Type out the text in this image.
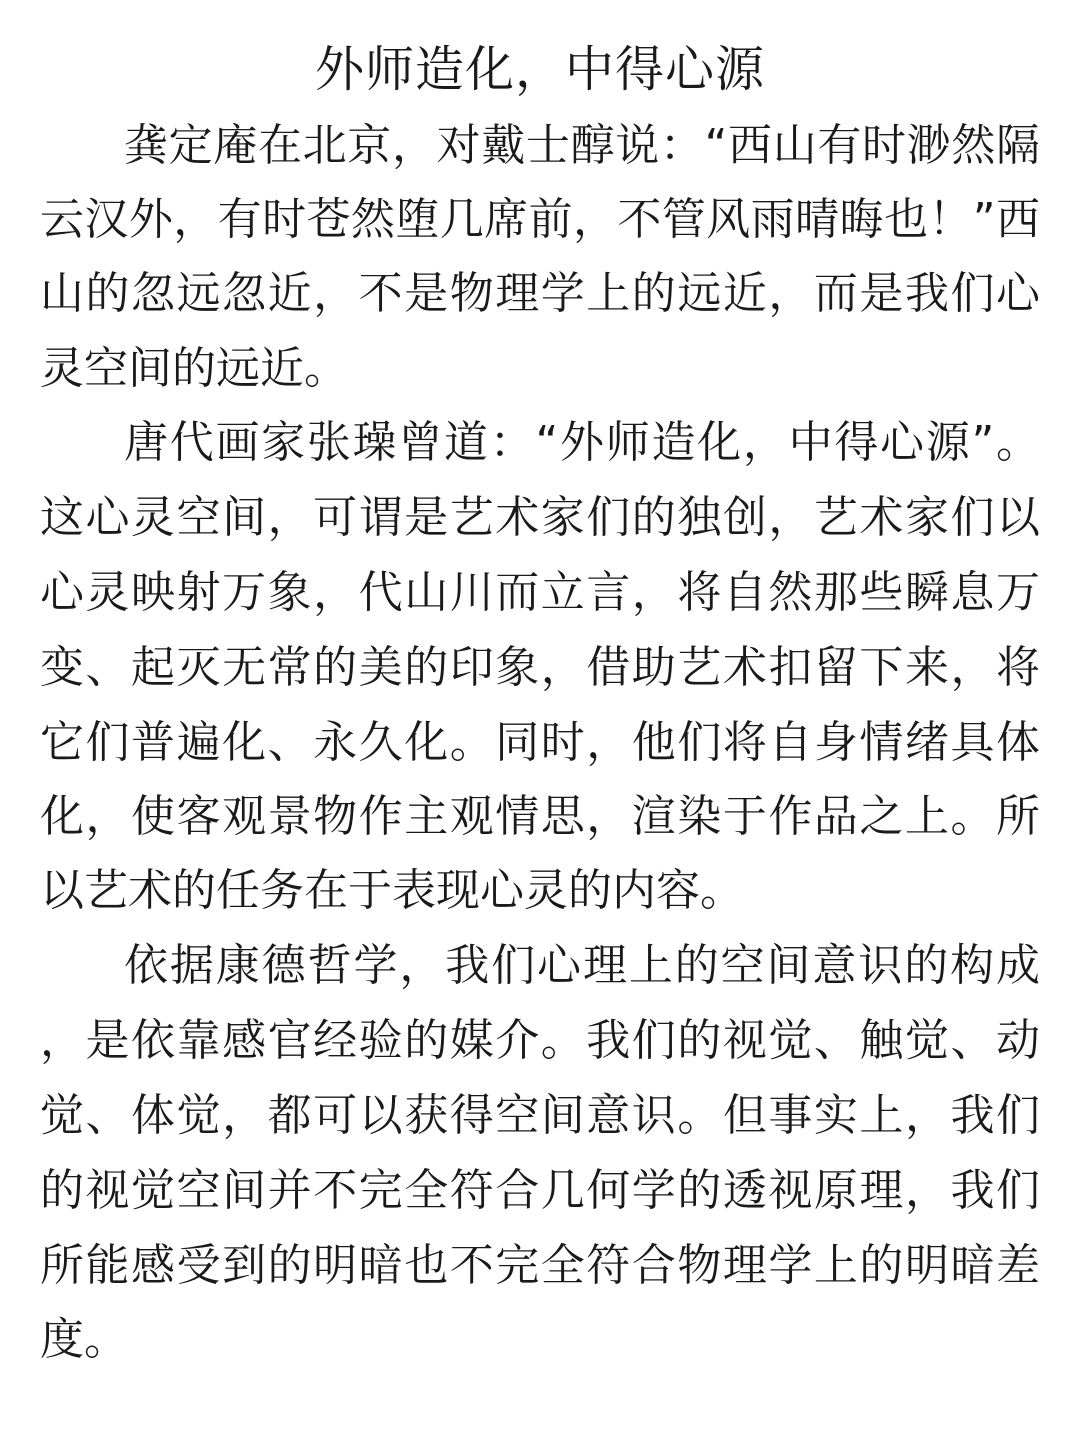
外师造化，中得心源
龚定庵在北京，对戴士醇说：“西山有时渺然隔
云汉外，有时苍然堕几席前，不管风雨晴晦也！”西
山的忽远忽近，不是物理学上的远近，而是我们心
灵空间的远近。
唐代画家张璪曾道：“外师造化，中得心源”。
这心灵空间，可谓是艺术家们的独创，艺术家们以
心灵映射万象，代山川而立言，将自然那些瞬息万
变、起灭无常的美的印象，借助艺术扣留下来，将
它们普遍化、永久化。同时，他们将自身情绪具体
化，使客观景物作主观情思，渲染于作品之上。所
以艺术的任务在于表现心灵的内容。
依据康德哲学，我们心理上的空间意识的构成
，是依靠感官经验的媒介。我们的视觉、触觉、动
觉、体觉，都可以获得空间意识。但事实上，我们
的视觉空间并不完全符合几何学的透视原理，我们
所能感受到的明暗也不完全符合物理学上的明暗差
度。
